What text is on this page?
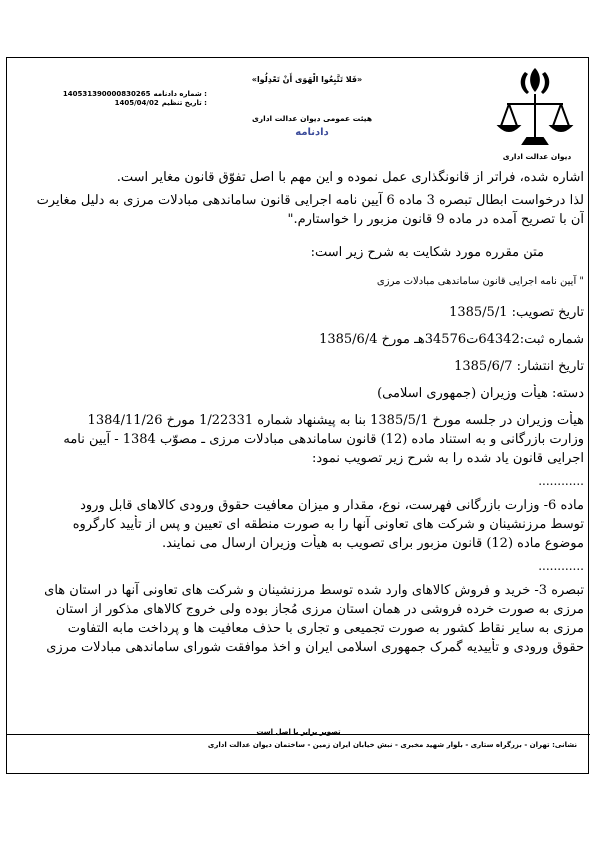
دیوان عدالت اداری
«فَلا تَتَّبِعُوا الْهَوَى أَنْ تَعْدِلُوا»
هیئت عمومی دیوان عدالت اداری
دادنامه
140531390000830265 شماره دادنامه :
1405/04/02 تاریخ تنظیم :

اشاره شده، فراتر از قانونگذاری عمل نموده و این مهم با اصل تفوّق قانون مغایر است.

لذا درخواست ابطال تبصره 3 ماده 6 آیین نامه اجرایی قانون ساماندهی مبادلات مرزی به دلیل مغایرت

آن با تصریح آمده در ماده 9 قانون مزبور را خواستارم."

متن مقرره مورد شکایت به شرح زیر است:

" آیین نامه اجرایی قانون ساماندهی مبادلات مرزی

تاریخ تصویب: 1385/5/1

شماره ثبت:64342ت34576هـ مورخ 1385/6/4

تاریخ انتشار: 1385/6/7

دسته: هیأت وزیران (جمهوری اسلامی)

هیأت وزیران در جلسه مورخ 1385/5/1 بنا به پیشنهاد شماره 1/22331 مورخ 1384/11/26

وزارت بازرگانی و به استناد ماده (12) قانون ساماندهی مبادلات مرزی ـ مصوّب 1384 - آیین نامه

اجرایی قانون یاد شده را به شرح زیر تصویب نمود:

............

ماده 6- وزارت بازرگانی فهرست، نوع، مقدار و میزان معافیت حقوق ورودی کالاهای قابل ورود

توسط مرزنشینان و شرکت های تعاونی آنها را به صورت منطقه ای تعیین و پس از تأیید کارگروه

موضوع ماده (12) قانون مزبور برای تصویب به هیأت وزیران ارسال می نمایند.

............

تبصره 3- خرید و فروش کالاهای وارد شده توسط مرزنشینان و شرکت های تعاونی آنها در استان های

مرزی به صورت خرده فروشی در همان استان مرزی مُجاز بوده ولی خروج کالاهای مذکور از استان

مرزی به سایر نقاط کشور به صورت تجمیعی و تجاری با حذف معافیت ها و پرداخت مابه التفاوت

حقوق ورودی و تأییدیه گمرک جمهوری اسلامی ایران و اخذ موافقت شورای ساماندهی مبادلات مرزی

تصویر برابر با اصل است
نشانی: تهران - بزرگراه ستاری - بلوار شهید مخبری - نبش خیابان ایران زمین - ساختمان دیوان عدالت اداری
